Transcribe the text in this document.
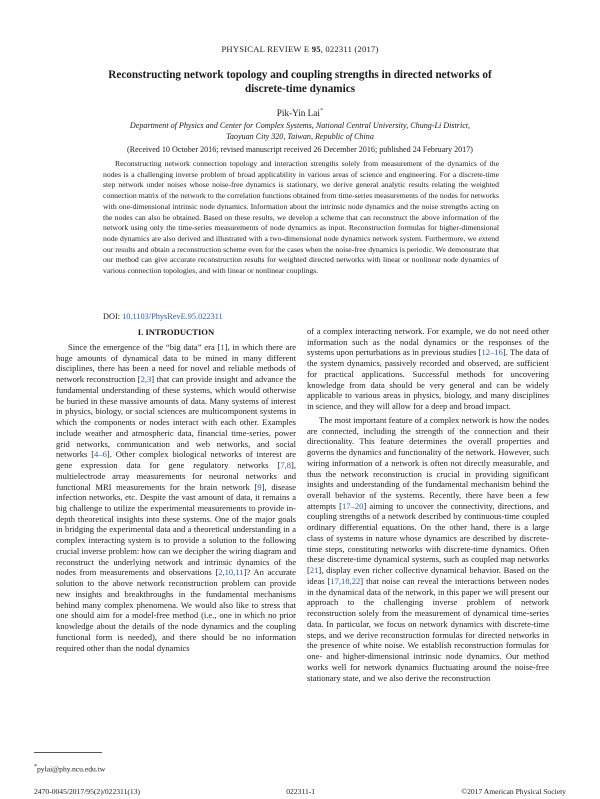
PHYSICAL REVIEW E 95, 022311 (2017)
Reconstructing network topology and coupling strengths in directed networks of discrete-time dynamics
Pik-Yin Lai*
Department of Physics and Center for Complex Systems, National Central University, Chung-Li District,
Taoyuan City 320, Taiwan, Republic of China
(Received 10 October 2016; revised manuscript received 26 December 2016; published 24 February 2017)
Reconstructing network connection topology and interaction strengths solely from measurement of the dynamics of the nodes is a challenging inverse problem of broad applicability in various areas of science and engineering. For a discrete-time step network under noises whose noise-free dynamics is stationary, we derive general analytic results relating the weighted connection matrix of the network to the correlation functions obtained from time-series measurements of the nodes for networks with one-dimensional intrinsic node dynamics. Information about the intrinsic node dynamics and the noise strengths acting on the nodes can also be obtained. Based on these results, we develop a scheme that can reconstruct the above information of the network using only the time-series measurements of node dynamics as input. Reconstruction formulas for higher-dimensional node dynamics are also derived and illustrated with a two-dimensional node dynamics network system. Furthermore, we extend our results and obtain a reconstruction scheme even for the cases when the noise-free dynamics is periodic. We demonstrate that our method can give accurate reconstruction results for weighted directed networks with linear or nonlinear node dynamics of various connection topologies, and with linear or nonlinear couplings.
DOI: 10.1103/PhysRevE.95.022311
I. INTRODUCTION

Since the emergence of the “big data” era [1], in which there are huge amounts of dynamical data to be mined in many different disciplines, there has been a need for novel and reliable methods of network reconstruction [2,3] that can provide insight and advance the fundamental understanding of these systems, which would otherwise be buried in these massive amounts of data. Many systems of interest in physics, biology, or social sciences are multicomponent systems in which the components or nodes interact with each other. Examples include weather and atmospheric data, financial time-series, power grid networks, communication and web networks, and social networks [4–6]. Other complex biological networks of interest are gene expression data for gene regulatory networks [7,8], multielectrode array measurements for neuronal networks and functional MRI measurements for the brain network [9], disease infection networks, etc. Despite the vast amount of data, it remains a big challenge to utilize the experimental measurements to provide in-depth theoretical insights into these systems. One of the major goals in bridging the experimental data and a theoretical understanding in a complex interacting system is to provide a solution to the following crucial inverse problem: how can we decipher the wiring diagram and reconstruct the underlying network and intrinsic dynamics of the nodes from measurements and observations [2,10,11]? An accurate solution to the above network reconstruction problem can provide new insights and breakthroughs in the fundamental mechanisms behind many complex phenomena. We would also like to stress that one should aim for a model-free method (i.e., one in which no prior knowledge about the details of the node dynamics and the coupling functional form is needed), and there should be no information required other than the nodal dynamics

of a complex interacting network. For example, we do not need other information such as the nodal dynamics or the responses of the systems upon perturbations as in previous studies [12–16]. The data of the system dynamics, passively recorded and observed, are sufficient for practical applications. Successful methods for uncovering knowledge from data should be very general and can be widely applicable to various areas in physics, biology, and many disciplines in science, and they will allow for a deep and broad impact.

The most important feature of a complex network is how the nodes are connected, including the strength of the connection and their directionality. This feature determines the overall properties and governs the dynamics and functionality of the network. However, such wiring information of a network is often not directly measurable, and thus the network reconstruction is crucial in providing significant insights and understanding of the fundamental mechanism behind the overall behavior of the systems. Recently, there have been a few attempts [17–20] aiming to uncover the connectivity, directions, and coupling strengths of a network described by continuous-time coupled ordinary differential equations. On the other hand, there is a large class of systems in nature whose dynamics are described by discrete-time steps, constituting networks with discrete-time dynamics. Often these discrete-time dynamical systems, such as coupled map networks [21], display even richer collective dynamical behavior. Based on the ideas [17,18,22] that noise can reveal the interactions between nodes in the dynamical data of the network, in this paper we will present our approach to the challenging inverse problem of network reconstruction solely from the measurement of dynamical time-series data. In particular, we focus on network dynamics with discrete-time steps, and we derive reconstruction formulas for directed networks in the presence of white noise. We establish reconstruction formulas for one- and higher-dimensional intrinsic node dynamics. Our method works well for network dynamics fluctuating around the noise-free stationary state, and we also derive the reconstruction

*pylai@phy.ncu.edu.tw
2470-0045/2017/95(2)/022311(13)	022311-1	©2017 American Physical Society
